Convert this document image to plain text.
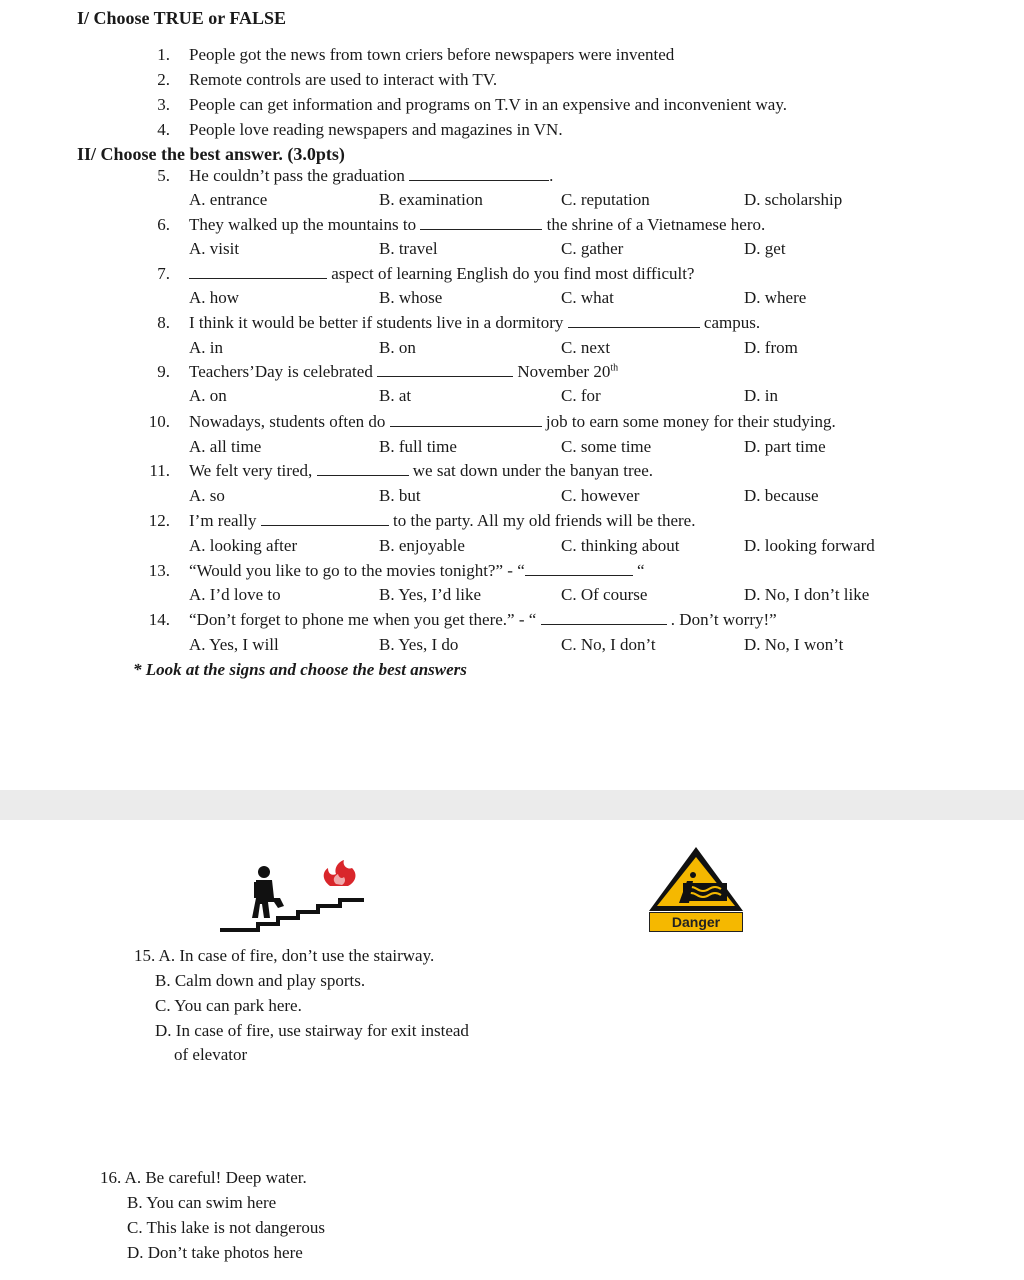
I/ Choose TRUE or FALSE
1. People got the news from town criers before newspapers were invented
2. Remote controls are used to interact with TV.
3. People can get information and programs on T.V in an expensive and inconvenient way.
4. People love reading newspapers and magazines in VN.
II/ Choose the best answer. (3.0pts)
5. He couldn’t pass the graduation	.
A. entrance	B. examination	C. reputation	D. scholarship
6. They walked up the mountains to	the shrine of a Vietnamese hero.
A. visit	B. travel	C. gather	D. get
7.	aspect of learning English do you find most difficult?
A. how	B. whose	C. what	D. where
8. I think it would be better if students live in a dormitory	campus.
A. in	B. on	C. next	D. from
9. Teachers’Day is celebrated	November 20th
A. on	B. at	C. for	D. in
10. Nowadays, students often do	job to earn some money for their studying.
A. all time	B. full time	C. some time	D. part time
11. We felt very tired,	we sat down under the banyan tree.
A. so	B. but	C. however	D. because
12. I’m really	to the party. All my old friends will be there.
A. looking after	B. enjoyable	C. thinking about	D. looking forward
13. “Would you like to go to the movies tonight?” - “	“
A. I’d love to	B. Yes, I’d like	C. Of course	D. No, I don’t like
14. “Don’t forget to phone me when you get there.” - “	. Don’t worry!”
A. Yes, I will	B. Yes, I do	C. No, I don’t	D. No, I won’t
* Look at the signs and choose the best answers
Danger
15. A. In case of fire, don’t use the stairway.
B. Calm down and play sports.
C. You can park here.
D. In case of fire, use stairway for exit instead
of elevator
16. A. Be careful! Deep water.
B. You can swim here
C. This lake is not dangerous
D. Don’t take photos here
